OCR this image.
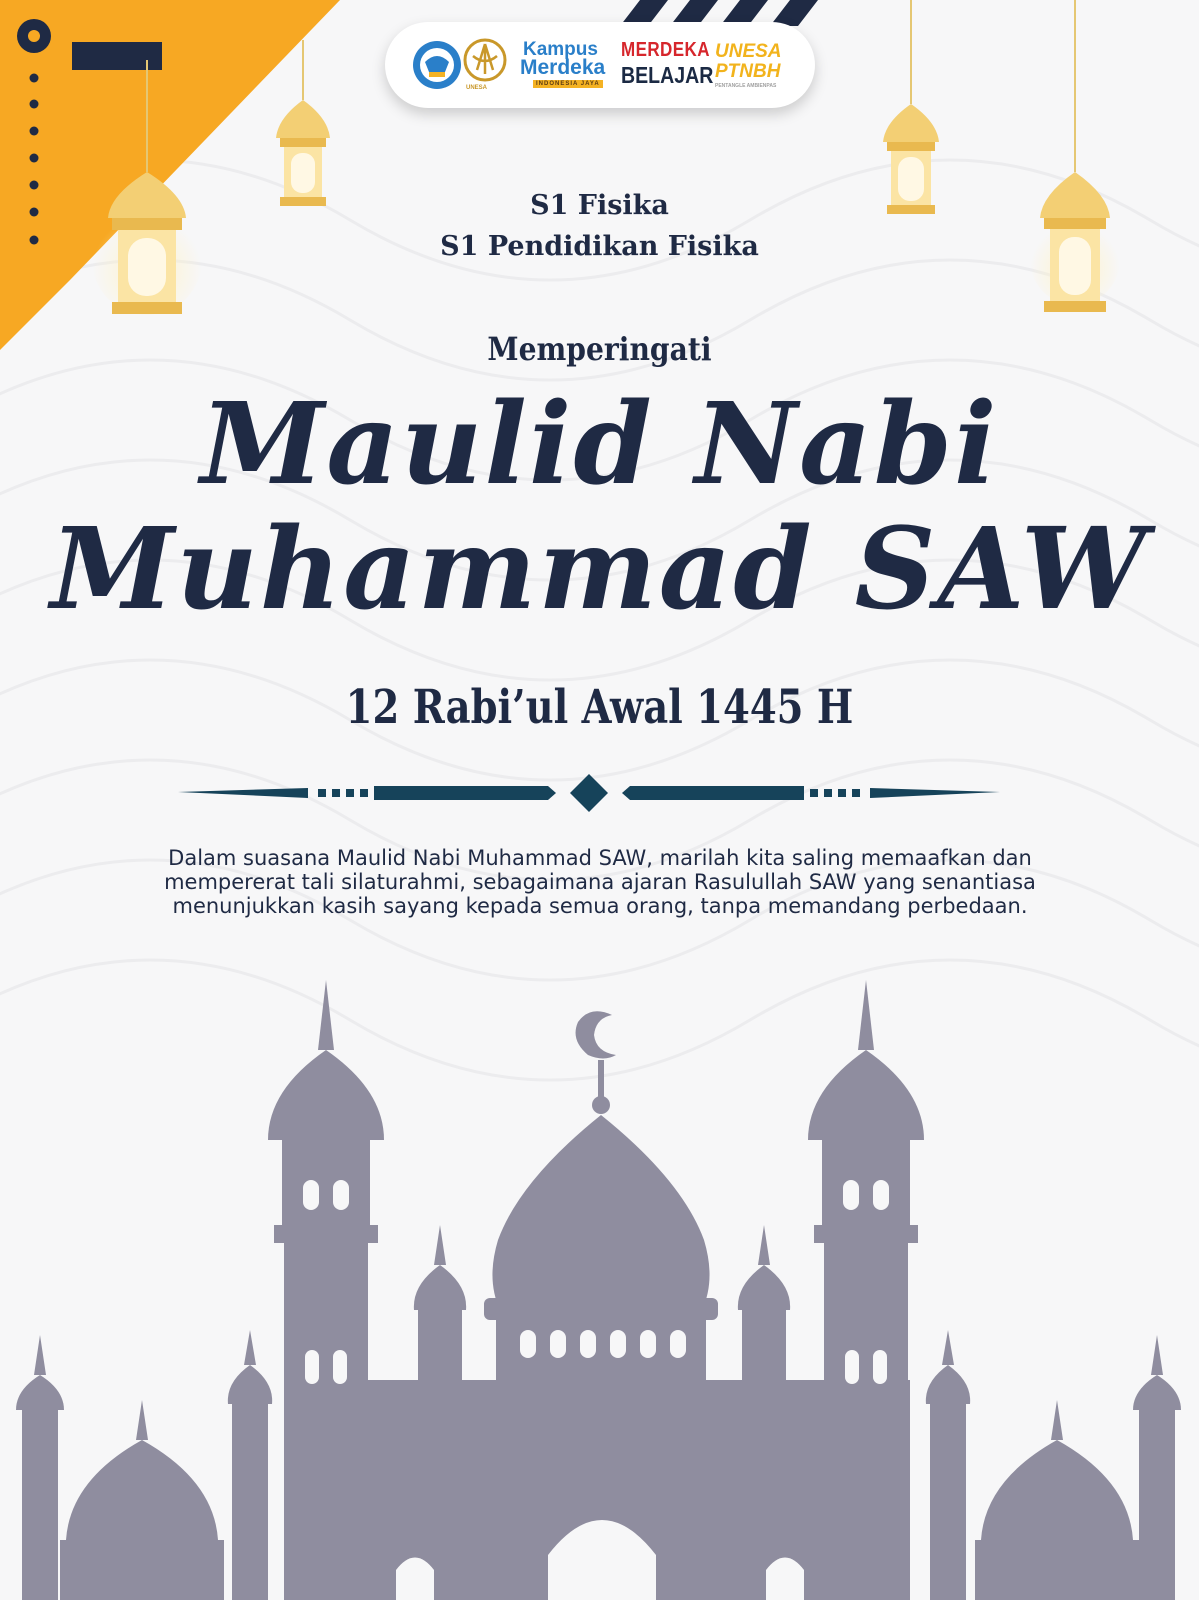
Kampus
Merdeka
INDONESIA JAYA
MERDEKA
BELAJAR
UNESA
PTNBH
PENTANGLE AMBIENPAS
UNESA

S1 Fisika

S1 Pendidikan Fisika

Memperingati

Maulid Nabi
Muhammad SAW

12 Rabi’ul Awal 1445 H

Dalam suasana Maulid Nabi Muhammad SAW, marilah kita saling memaafkan dan mempererat tali silaturahmi, sebagaimana ajaran Rasulullah SAW yang senantiasa menunjukkan kasih sayang kepada semua orang, tanpa memandang perbedaan.
